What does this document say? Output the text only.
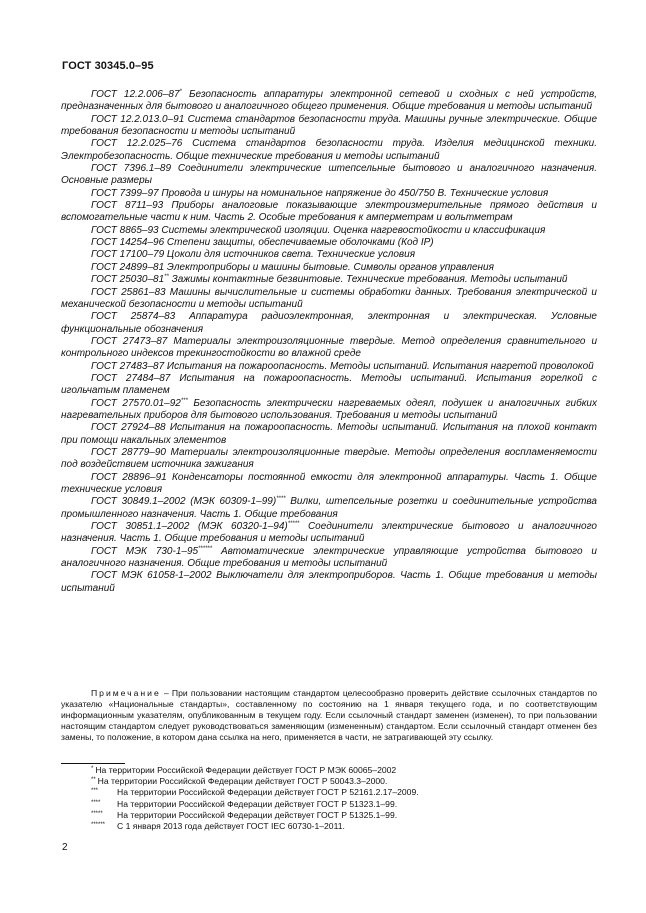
ГОСТ 30345.0–95

ГОСТ 12.2.006–87* Безопасность аппаратуры электронной сетевой и сходных с ней устройств, предназначенных для бытового и аналогичного общего применения. Общие требования и методы испытаний

ГОСТ 12.2.013.0–91 Система стандартов безопасности труда. Машины ручные электрические. Общие требования безопасности и методы испытаний

ГОСТ 12.2.025–76 Система стандартов безопасности труда. Изделия медицинской техники. Электробезопасность. Общие технические требования и методы испытаний

ГОСТ 7396.1–89 Соединители электрические штепсельные бытового и аналогичного назначения. Основные размеры

ГОСТ 7399–97 Провода и шнуры на номинальное напряжение до 450/750 В. Технические условия

ГОСТ 8711–93 Приборы аналоговые показывающие электроизмерительные прямого действия и вспомогательные части к ним. Часть 2. Особые требования к амперметрам и вольтметрам

ГОСТ 8865–93 Системы электрической изоляции. Оценка нагревостойкости и классификация

ГОСТ 14254–96 Степени защиты, обеспечиваемые оболочками (Код IP)

ГОСТ 17100–79 Цоколи для источников света. Технические условия

ГОСТ 24899–81 Электроприборы и машины бытовые. Символы органов управления

ГОСТ 25030–81** Зажимы контактные безвинтовые. Технические требования. Методы испытаний

ГОСТ 25861–83 Машины вычислительные и системы обработки данных. Требования электрической и механической безопасности и методы испытаний

ГОСТ 25874–83 Аппаратура радиоэлектронная, электронная и электрическая. Условные функциональные обозначения

ГОСТ 27473–87 Материалы электроизоляционные твердые. Метод определения сравнительного и контрольного индексов трекингостойкости во влажной среде

ГОСТ 27483–87 Испытания на пожароопасность. Методы испытаний. Испытания нагретой проволокой

ГОСТ 27484–87 Испытания на пожароопасность. Методы испытаний. Испытания горелкой с игольчатым пламенем

ГОСТ 27570.01–92*** Безопасность электрически нагреваемых одеял, подушек и аналогичных гибких нагревательных приборов для бытового использования. Требования и методы испытаний

ГОСТ 27924–88 Испытания на пожароопасность. Методы испытаний. Испытания на плохой контакт при помощи накальных элементов

ГОСТ 28779–90 Материалы электроизоляционные твердые. Методы определения воспламеняемости под воздействием источника зажигания

ГОСТ 28896–91 Конденсаторы постоянной емкости для электронной аппаратуры. Часть 1. Общие технические условия

ГОСТ 30849.1–2002 (МЭК 60309-1–99)**** Вилки, штепсельные розетки и соединительные устройства промышленного назначения. Часть 1. Общие требования

ГОСТ 30851.1–2002 (МЭК 60320-1–94)***** Соединители электрические бытового и аналогичного назначения. Часть 1. Общие требования и методы испытаний

ГОСТ МЭК 730-1–95****** Автоматические электрические управляющие устройства бытового и аналогичного назначения. Общие требования и методы испытаний

ГОСТ МЭК 61058-1–2002 Выключатели для электроприборов. Часть 1. Общие требования и методы испытаний

Примечание – При пользовании настоящим стандартом целесообразно проверить действие ссылочных стандартов по указателю «Национальные стандарты», составленному по состоянию на 1 января текущего года, и по соответствующим информационным указателям, опубликованным в текущем году. Если ссылочный стандарт заменен (изменен), то при пользовании настоящим стандартом следует руководствоваться заменяющим (измененным) стандартом. Если ссылочный стандарт отменен без замены, то положение, в котором дана ссылка на него, применяется в части, не затрагивающей эту ссылку.

* На территории Российской Федерации действует ГОСТ Р МЭК 60065–2002

** На территории Российской Федерации действует ГОСТ Р 50043.3–2000.

*** На территории Российской Федерации действует ГОСТ Р 52161.2.17–2009.

**** На территории Российской Федерации действует ГОСТ Р 51323.1–99.

***** На территории Российской Федерации действует ГОСТ Р 51325.1–99.

****** С 1 января 2013 года действует ГОСТ IEC 60730-1–2011.

2
